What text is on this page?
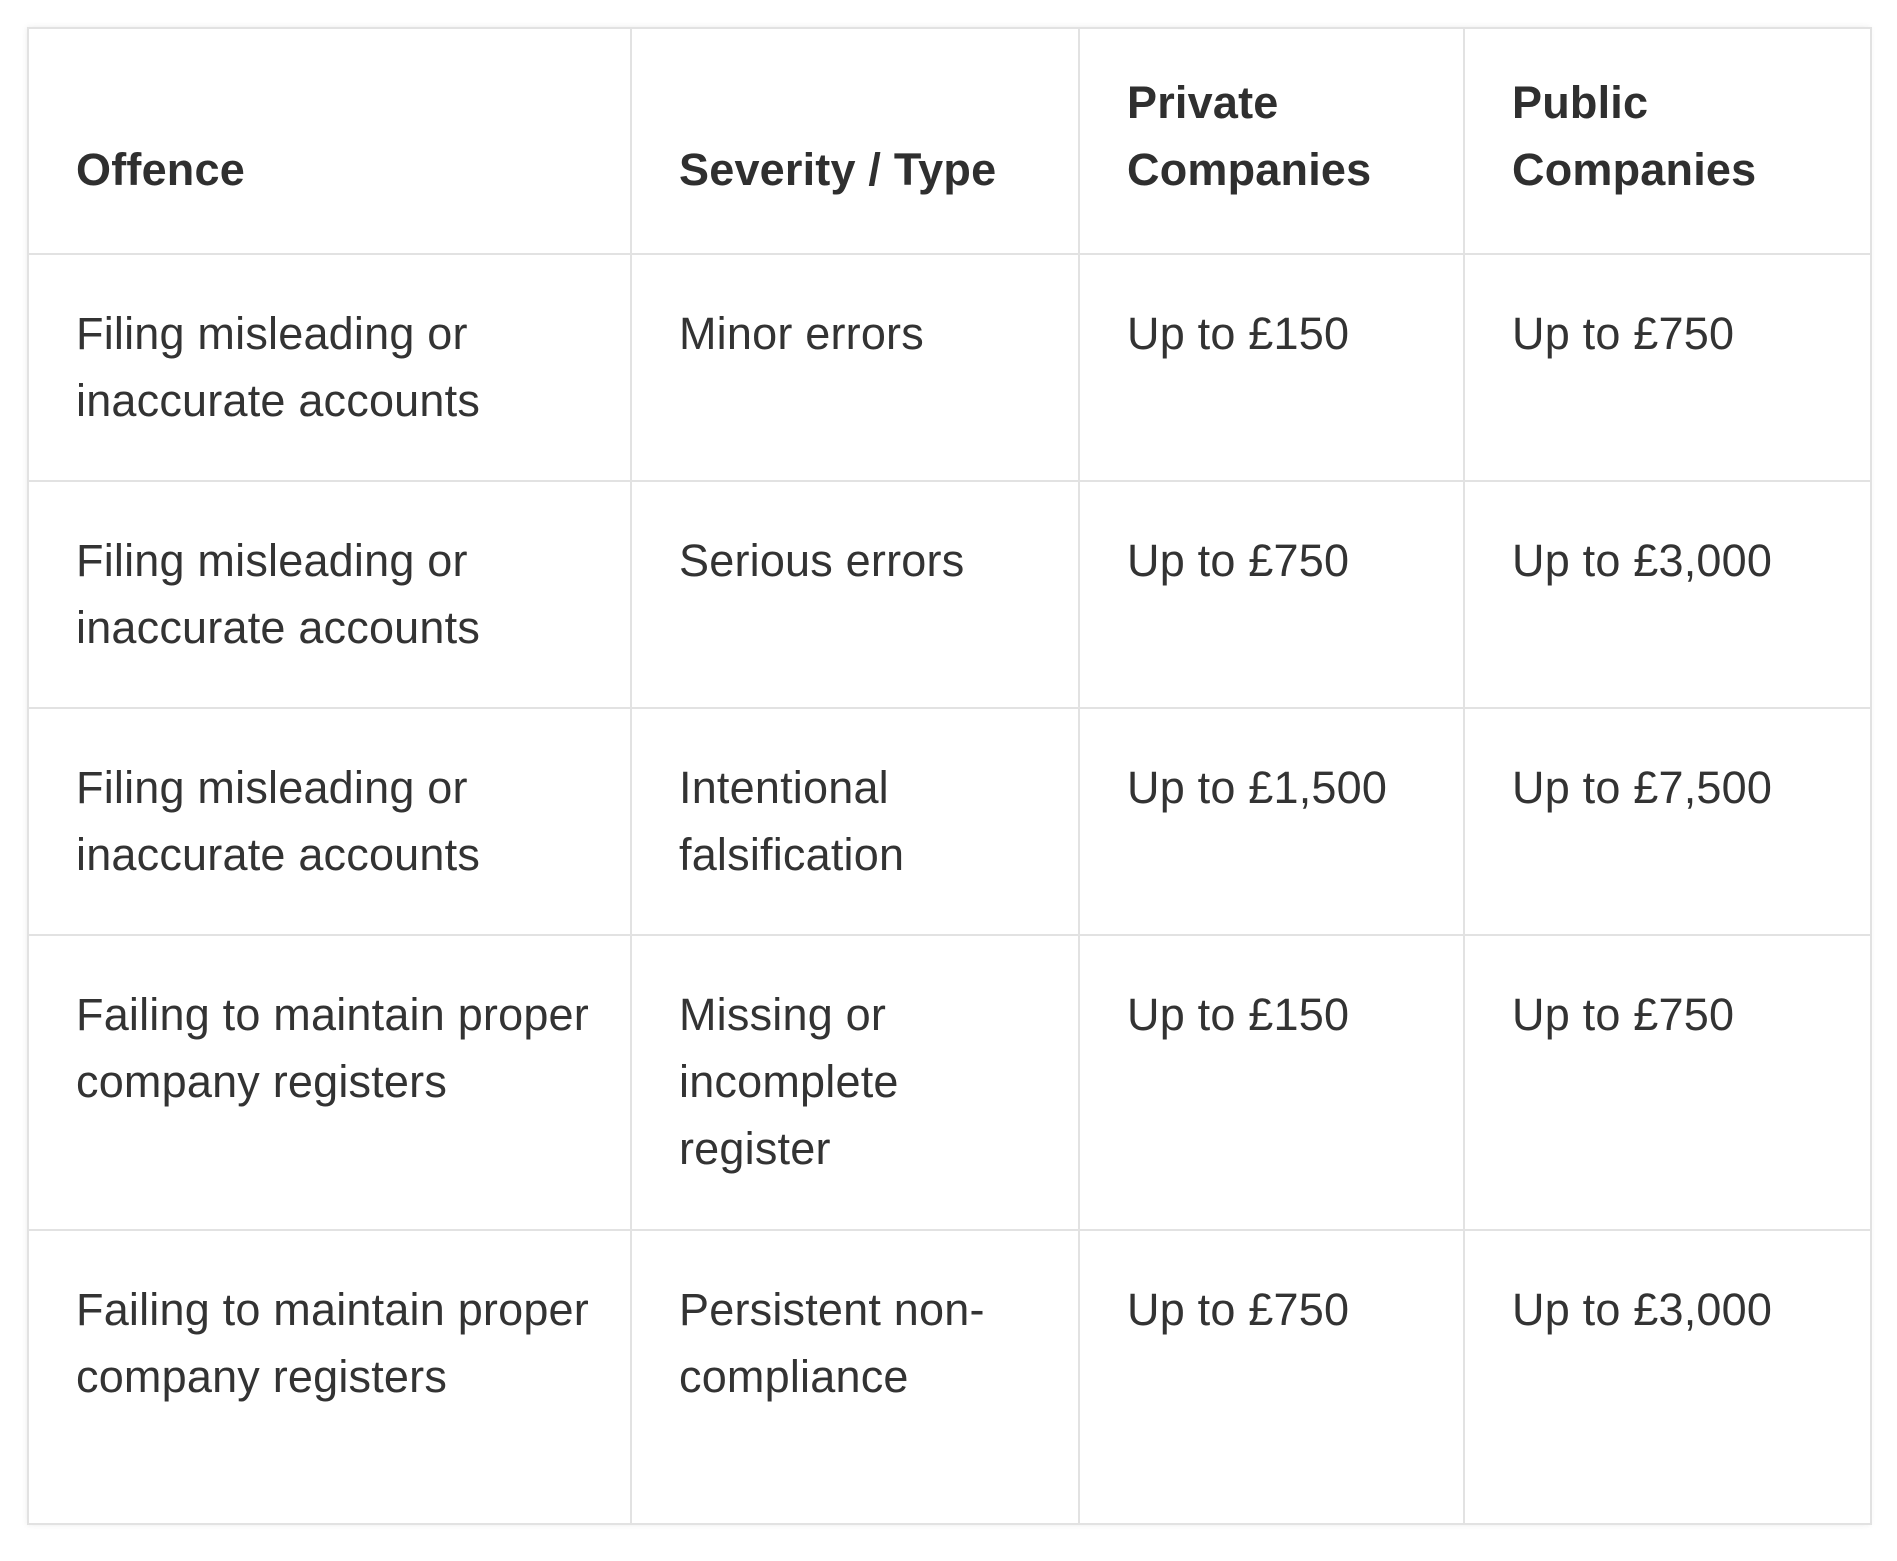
Offence	Severity / Type	Private Companies	Public Companies
Filing misleading or inaccurate accounts	Minor errors	Up to £150	Up to £750
Filing misleading or inaccurate accounts	Serious errors	Up to £750	Up to £3,000
Filing misleading or inaccurate accounts	Intentional falsification	Up to £1,500	Up to £7,500
Failing to maintain proper company registers	Missing or incomplete register	Up to £150	Up to £750
Failing to maintain proper company registers	Persistent non-compliance	Up to £750	Up to £3,000
